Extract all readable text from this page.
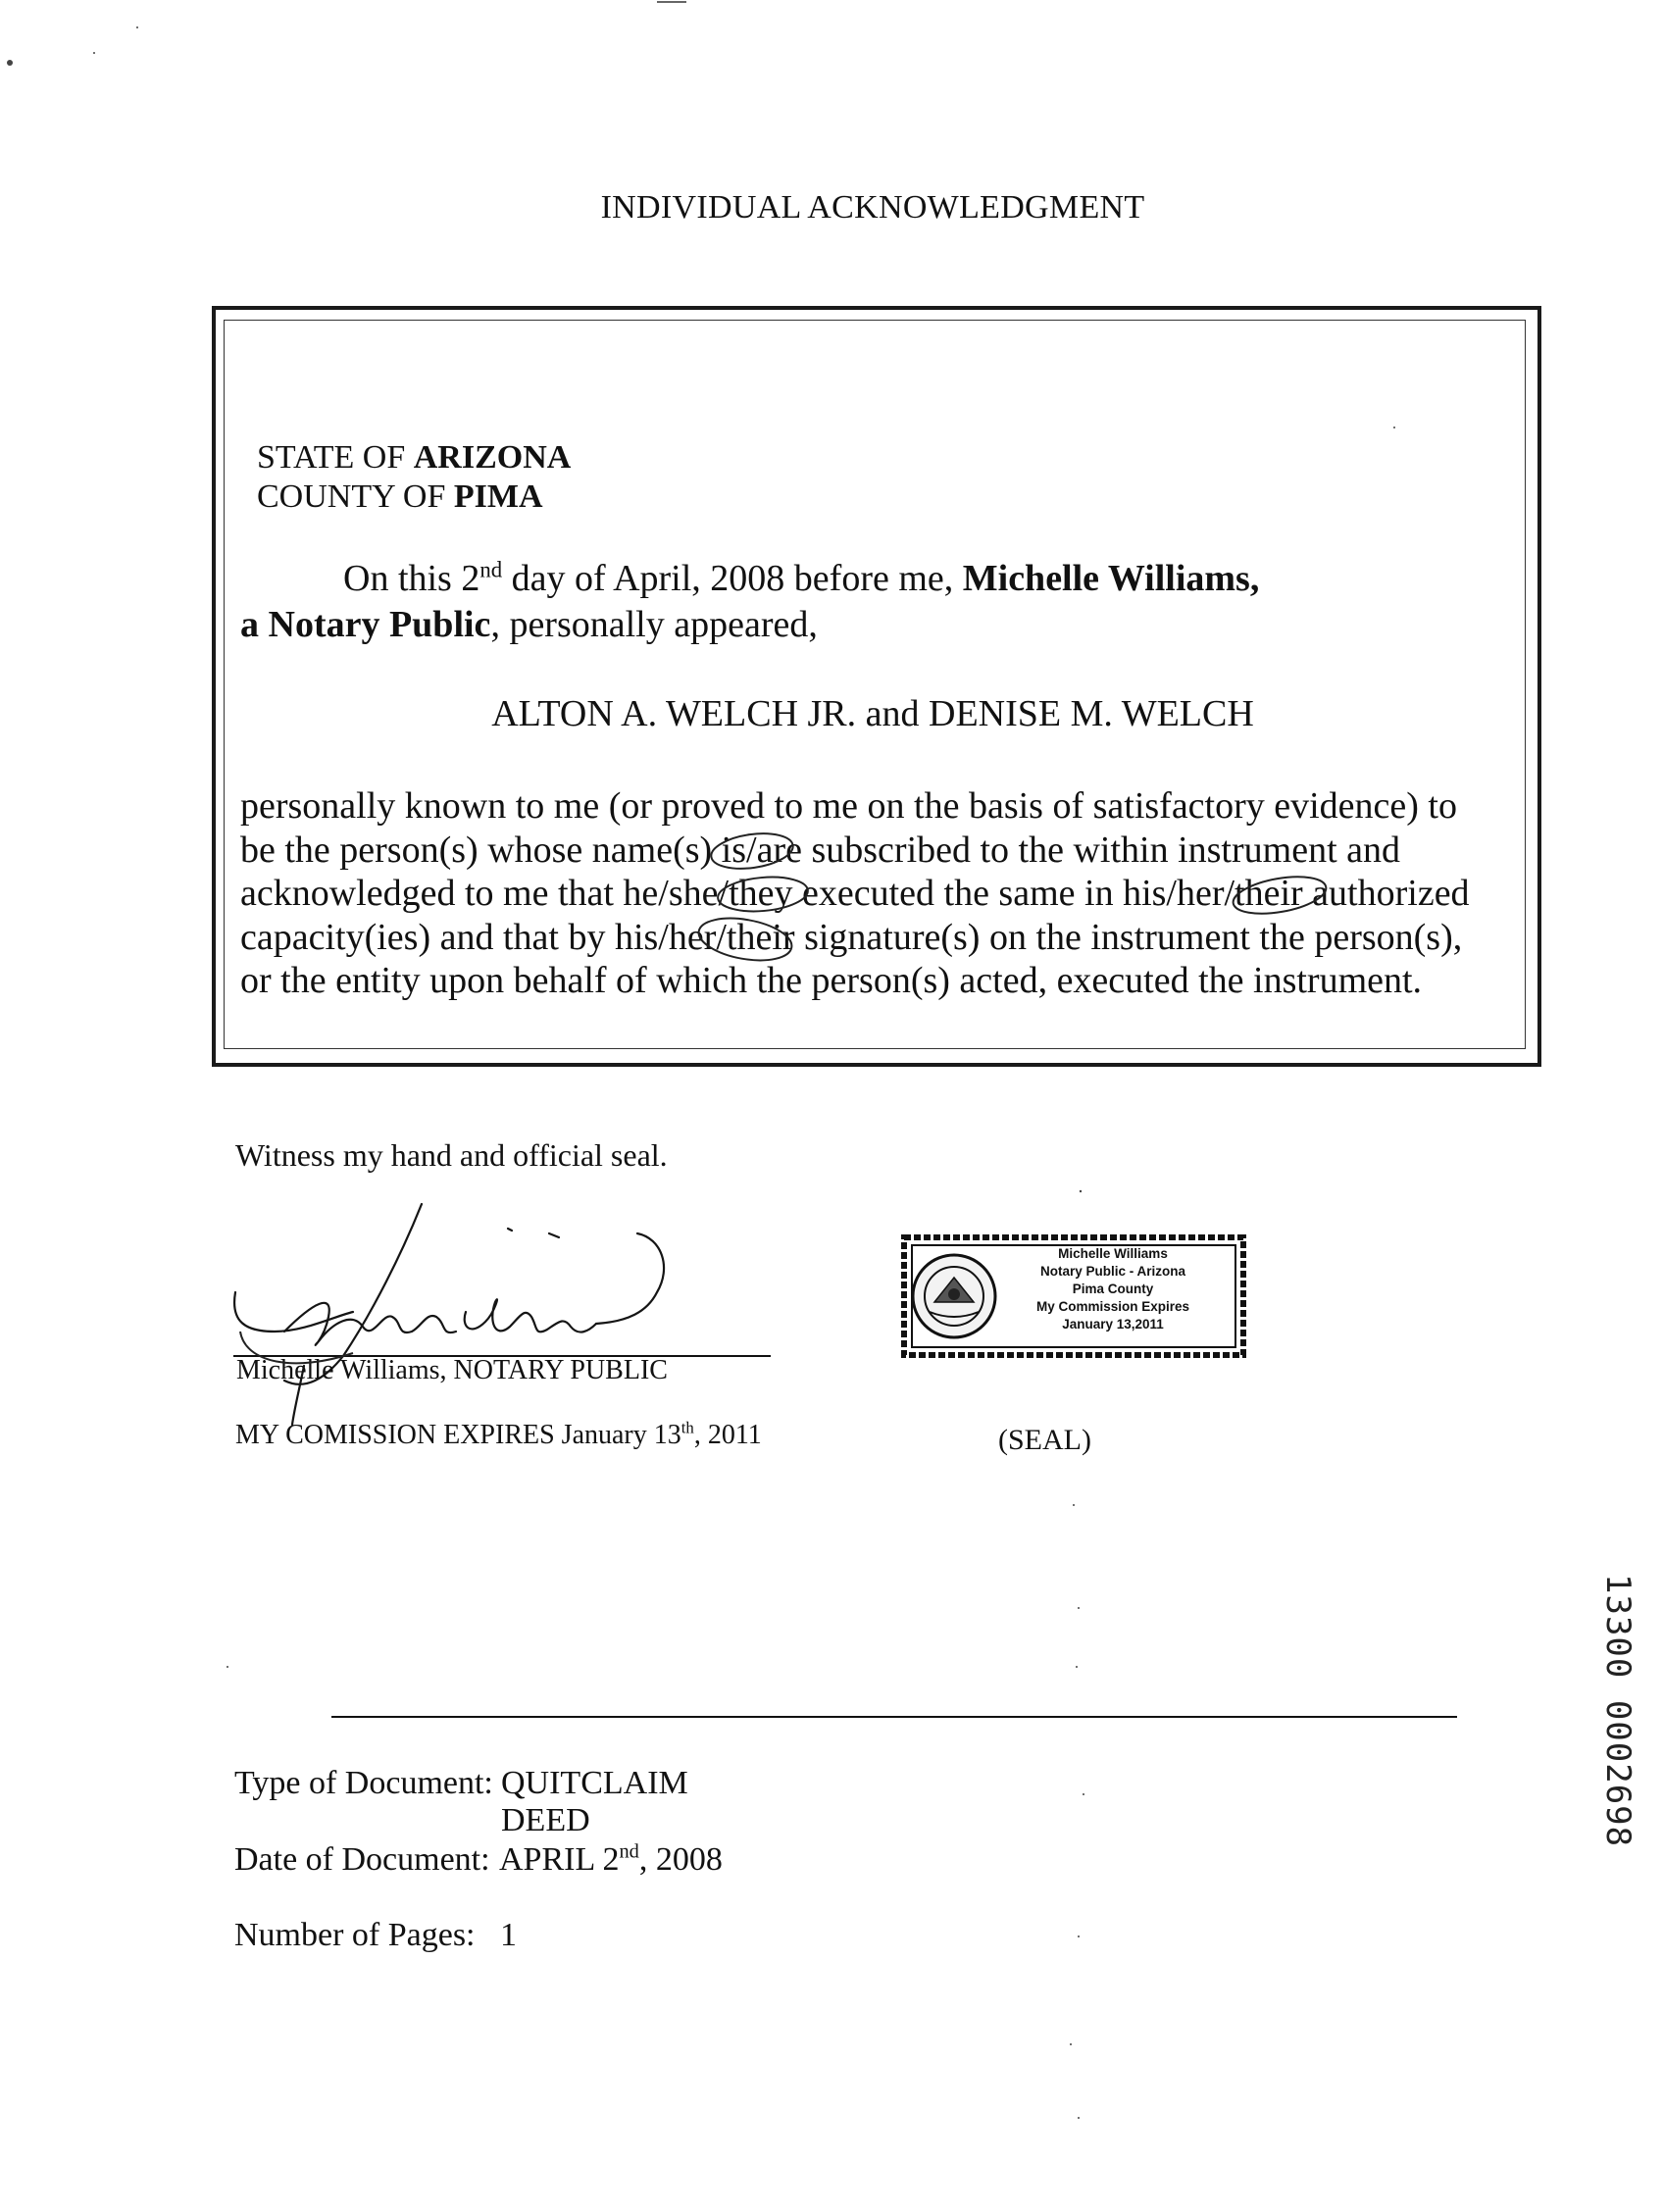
INDIVIDUAL ACKNOWLEDGMENT
STATE OF ARIZONA
COUNTY OF PIMA
On this 2nd day of April, 2008 before me, Michelle Williams,
a Notary Public, personally appeared,
ALTON A. WELCH JR. and DENISE M. WELCH

personally known to me (or proved to me on the basis of satisfactory evidence) to

be the person(s) whose name(s) is/are subscribed to the within instrument and

acknowledged to me that he/she/they executed the same in his/her/their authorized

capacity(ies) and that by his/her/their signature(s) on the instrument the person(s),

or the entity upon behalf of which the person(s) acted, executed the instrument.

Witness my hand and official seal.
Michelle Williams, NOTARY PUBLIC
MY COMISSION EXPIRES January 13th, 2011
Michelle Williams
Notary Public - Arizona
Pima County
My Commission Expires
January 13,2011
(SEAL)
Type of Document: QUITCLAIM DEED
Date of Document: APRIL 2nd, 2008
Number of Pages: 1
13300 0002698
